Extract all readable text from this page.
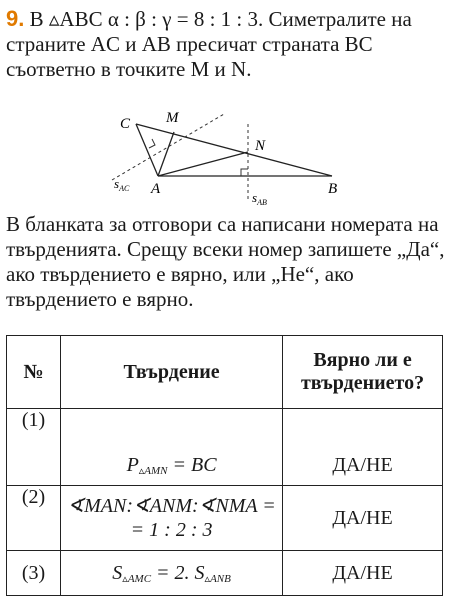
9. В ▵ABC α : β : γ = 8 : 1 : 3. Симетралите на страните AC и AB пресичат страната BC съответно в точките M и N.
C M
N
A	B
$s_{AC}$
$s_{AB}$
В бланката за отговори са написани номерата на твърденията. Срещу всеки номер запишете „Да“, ако твърдението е вярно, или „Не“, ако твърдението е вярно.
№	Твърдение	Вярно ли е
твърдението?
(1)	$P_{▵AMN}$ = BC	ДА/НЕ
(2)	∢MAN:∢ANM:∢NMA =
= 1 : 2 : 3	ДА/НЕ
(3)	$S_{▵AMC} = 2$. $S_{▵ANB}$	ДА/НЕ
